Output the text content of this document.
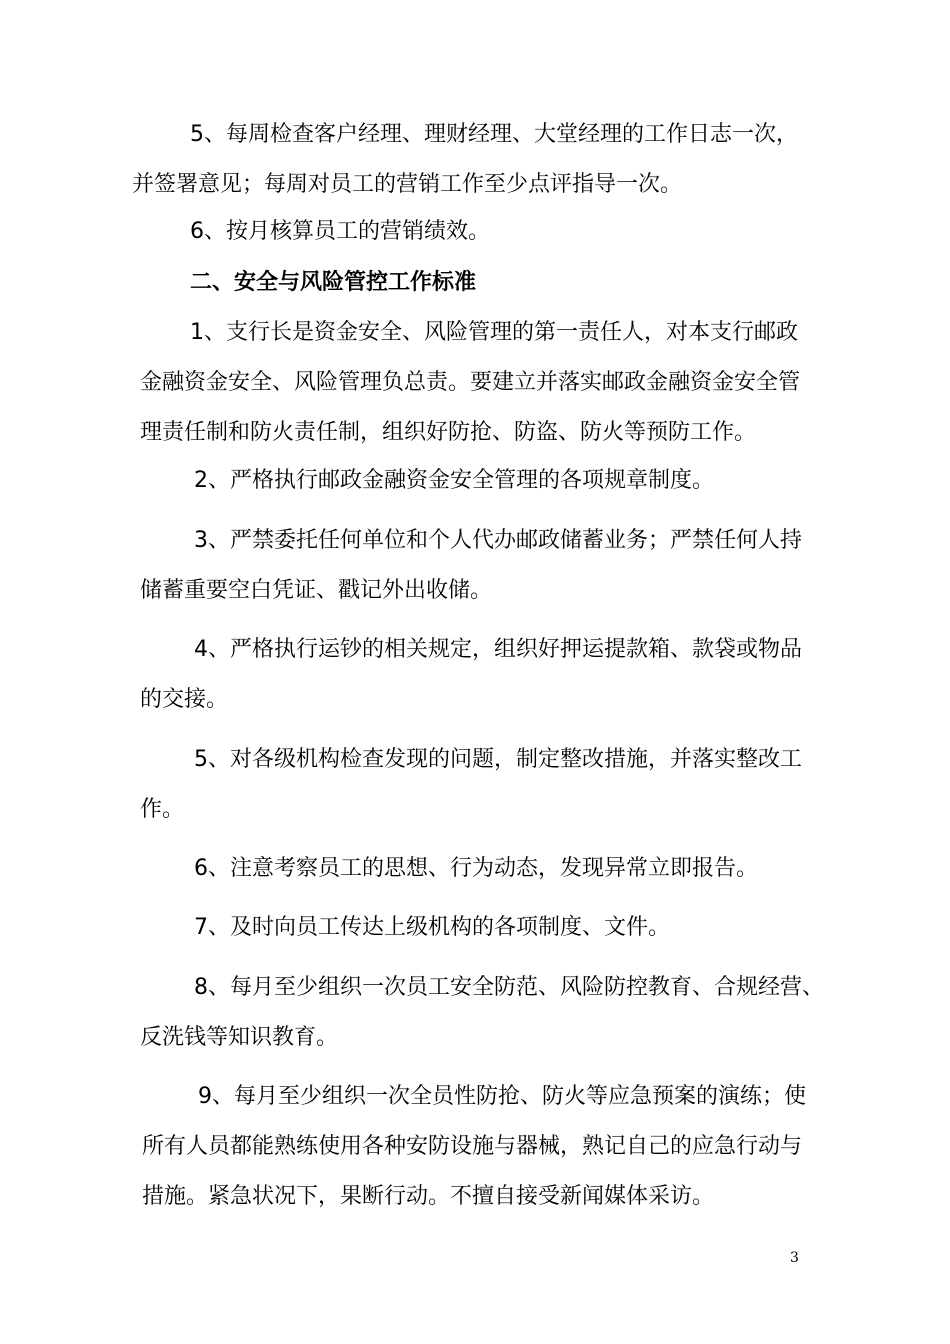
5、每周检查客户经理、理财经理、大堂经理的工作日志一次，
并签署意见；每周对员工的营销工作至少点评指导一次。
6、按月核算员工的营销绩效。
二、安全与风险管控工作标准
1、支行长是资金安全、风险管理的第一责任人，对本支行邮政
金融资金安全、风险管理负总责。要建立并落实邮政金融资金安全管
理责任制和防火责任制，组织好防抢、防盗、防火等预防工作。
2、严格执行邮政金融资金安全管理的各项规章制度。
3、严禁委托任何单位和个人代办邮政储蓄业务；严禁任何人持
储蓄重要空白凭证、戳记外出收储。
4、严格执行运钞的相关规定，组织好押运提款箱、款袋或物品
的交接。
5、对各级机构检查发现的问题，制定整改措施，并落实整改工
作。
6、注意考察员工的思想、行为动态，发现异常立即报告。
7、及时向员工传达上级机构的各项制度、文件。
8、每月至少组织一次员工安全防范、风险防控教育、合规经营、
反洗钱等知识教育。
9、每月至少组织一次全员性防抢、防火等应急预案的演练；使
所有人员都能熟练使用各种安防设施与器械，熟记自己的应急行动与
措施。紧急状况下，果断行动。不擅自接受新闻媒体采访。
3
